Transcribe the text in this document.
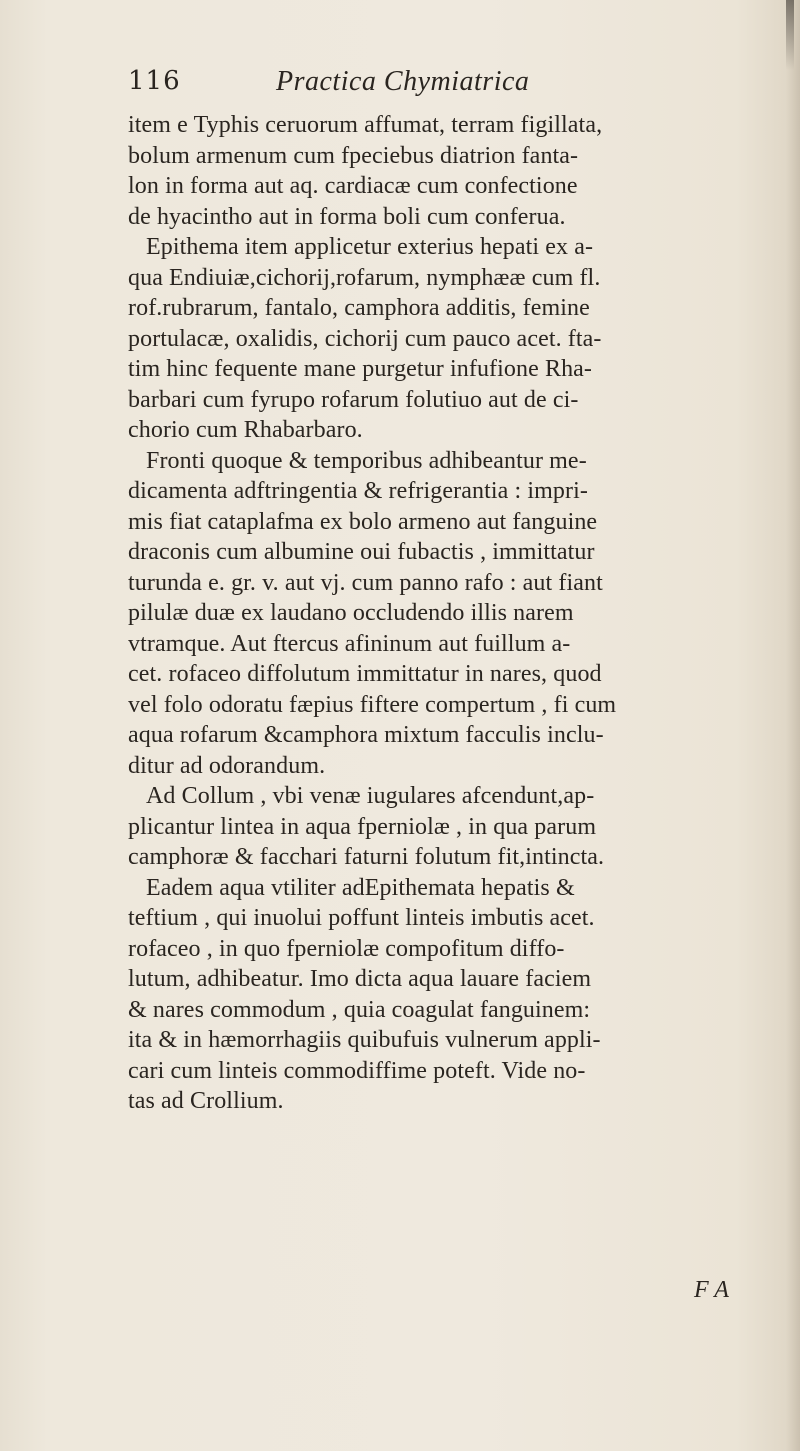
116	Practica Chymiatrica
item e Typhis ceruorum affumat, terram figillata,
bolum armenum cum fpeciebus diatrion fanta-
lon in forma aut aq. cardiacæ cum confectione
de hyacintho aut in forma boli cum conferua.
Epithema item applicetur exterius hepati ex a-
qua Endiuiæ,cichorij,rofarum, nymphææ cum fl.
rof.rubrarum, fantalo, camphora additis, femine
portulacæ, oxalidis, cichorij cum pauco acet. fta-
tim hinc fequente mane purgetur infufione Rha-
barbari cum fyrupo rofarum folutiuo aut de ci-
chorio cum Rhabarbaro.
Fronti quoque & temporibus adhibeantur me-
dicamenta adftringentia & refrigerantia : impri-
mis fiat cataplafma ex bolo armeno aut fanguine
draconis cum albumine oui fubactis , immittatur
turunda e. gr. v. aut vj. cum panno rafo : aut fiant
pilulæ duæ ex laudano occludendo illis narem
vtramque. Aut ftercus afininum aut fuillum a-
cet. rofaceo diffolutum immittatur in nares, quod
vel folo odoratu fæpius fiftere compertum , fi cum
aqua rofarum &camphora mixtum facculis inclu-
ditur ad odorandum.
Ad Collum , vbi venæ iugulares afcendunt,ap-
plicantur lintea in aqua fperniolæ , in qua parum
camphoræ & facchari faturni folutum fit,intincta.
Eadem aqua vtiliter adEpithemata hepatis &
teftium , qui inuolui poffunt linteis imbutis acet.
rofaceo , in quo fperniolæ compofitum diffo-
lutum, adhibeatur. Imo dicta aqua lauare faciem
& nares commodum , quia coagulat fanguinem:
ita & in hæmorrhagiis quibufuis vulnerum appli-
cari cum linteis commodiffime poteft. Vide no-
tas ad Crollium.
F A
